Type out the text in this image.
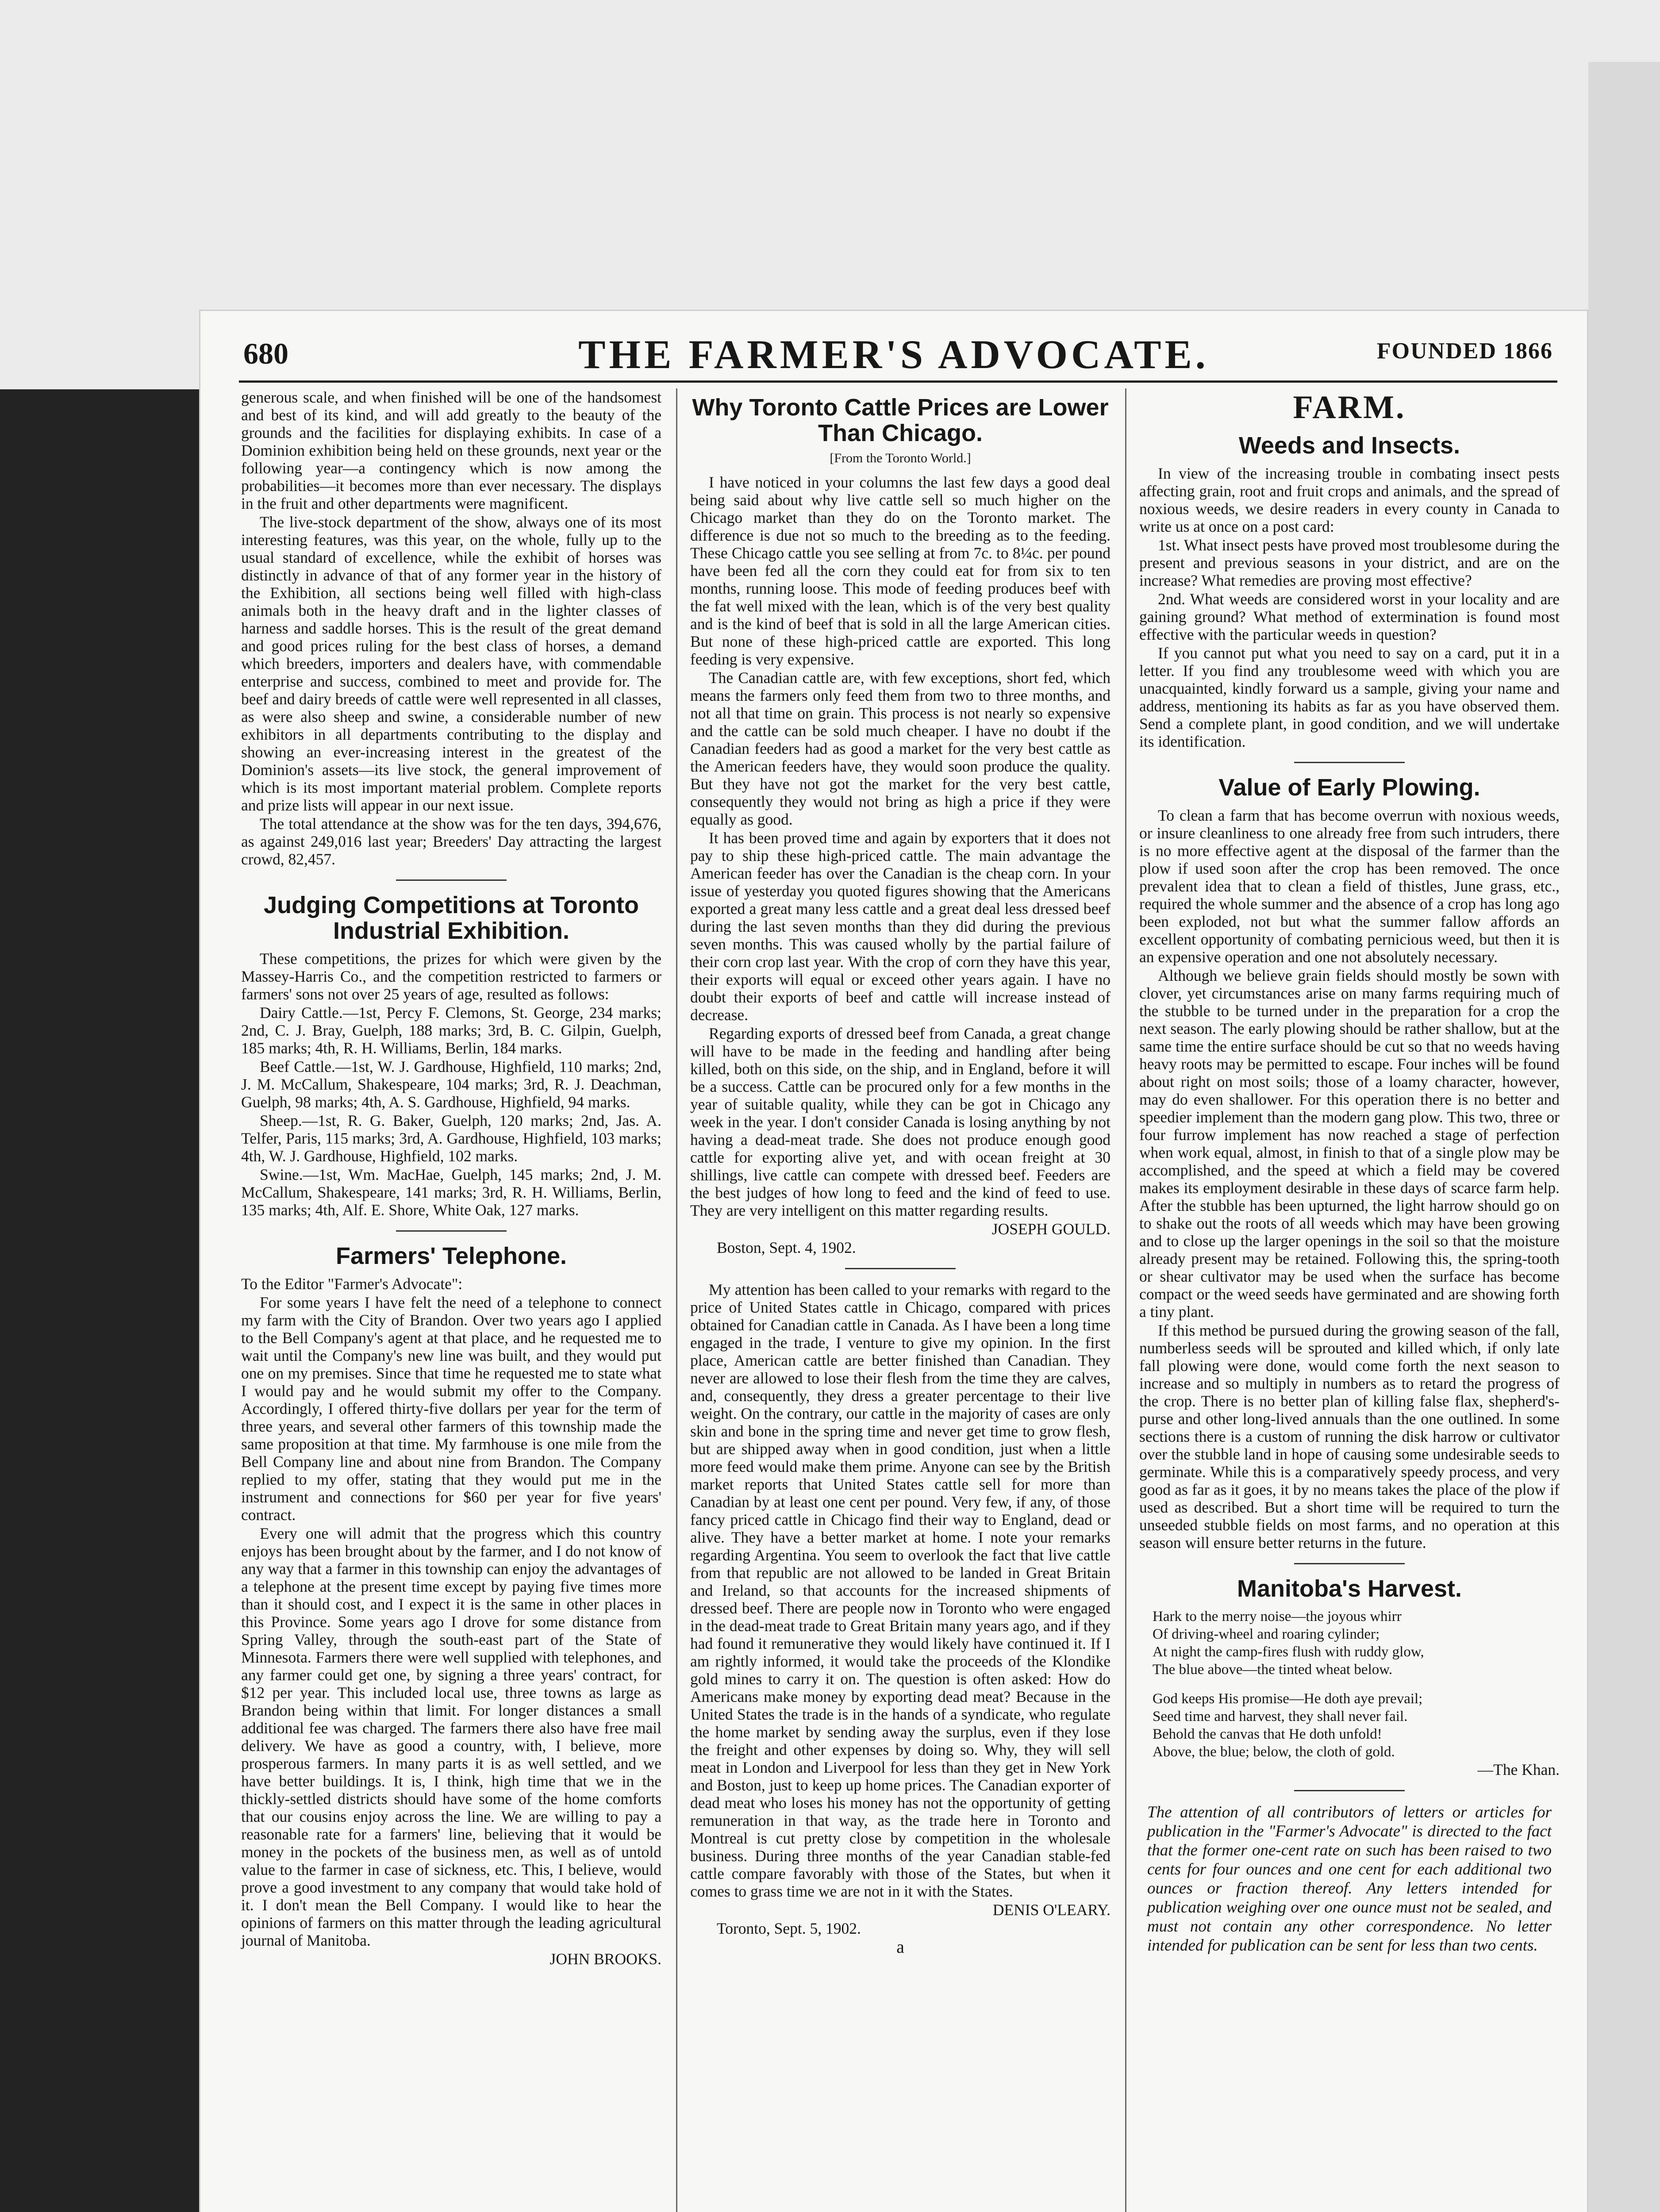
680	THE FARMER'S ADVOCATE.	FOUNDED 1866

generous scale, and when finished will be one of the handsomest and best of its kind, and will add greatly to the beauty of the grounds and the facilities for displaying exhibits. In case of a Dominion exhibition being held on these grounds, next year or the following year—a contingency which is now among the probabilities—it becomes more than ever necessary. The displays in the fruit and other departments were magnificent.

The live-stock department of the show, always one of its most interesting features, was this year, on the whole, fully up to the usual standard of excellence, while the exhibit of horses was distinctly in advance of that of any former year in the history of the Exhibition, all sections being well filled with high-class animals both in the heavy draft and in the lighter classes of harness and saddle horses. This is the result of the great demand and good prices ruling for the best class of horses, a demand which breeders, importers and dealers have, with commendable enterprise and success, combined to meet and provide for. The beef and dairy breeds of cattle were well represented in all classes, as were also sheep and swine, a considerable number of new exhibitors in all departments contributing to the display and showing an ever-increasing interest in the greatest of the Dominion's assets—its live stock, the general improvement of which is its most important material problem. Complete reports and prize lists will appear in our next issue.

The total attendance at the show was for the ten days, 394,676, as against 249,016 last year; Breeders' Day attracting the largest crowd, 82,457.

Judging Competitions at Toronto Industrial Exhibition.

These competitions, the prizes for which were given by the Massey-Harris Co., and the competition restricted to farmers or farmers' sons not over 25 years of age, resulted as follows:

Dairy Cattle.—1st, Percy F. Clemons, St. George, 234 marks; 2nd, C. J. Bray, Guelph, 188 marks; 3rd, B. C. Gilpin, Guelph, 185 marks; 4th, R. H. Williams, Berlin, 184 marks.

Beef Cattle.—1st, W. J. Gardhouse, Highfield, 110 marks; 2nd, J. M. McCallum, Shakespeare, 104 marks; 3rd, R. J. Deachman, Guelph, 98 marks; 4th, A. S. Gardhouse, Highfield, 94 marks.

Sheep.—1st, R. G. Baker, Guelph, 120 marks; 2nd, Jas. A. Telfer, Paris, 115 marks; 3rd, A. Gardhouse, Highfield, 103 marks; 4th, W. J. Gardhouse, Highfield, 102 marks.

Swine.—1st, Wm. MacHae, Guelph, 145 marks; 2nd, J. M. McCallum, Shakespeare, 141 marks; 3rd, R. H. Williams, Berlin, 135 marks; 4th, Alf. E. Shore, White Oak, 127 marks.

Farmers' Telephone.

To the Editor "Farmer's Advocate":

For some years I have felt the need of a telephone to connect my farm with the City of Brandon. Over two years ago I applied to the Bell Company's agent at that place, and he requested me to wait until the Company's new line was built, and they would put one on my premises. Since that time he requested me to state what I would pay and he would submit my offer to the Company. Accordingly, I offered thirty-five dollars per year for the term of three years, and several other farmers of this township made the same proposition at that time. My farmhouse is one mile from the Bell Company line and about nine from Brandon. The Company replied to my offer, stating that they would put me in the instrument and connections for $60 per year for five years' contract.

Every one will admit that the progress which this country enjoys has been brought about by the farmer, and I do not know of any way that a farmer in this township can enjoy the advantages of a telephone at the present time except by paying five times more than it should cost, and I expect it is the same in other places in this Province. Some years ago I drove for some distance from Spring Valley, through the south-east part of the State of Minnesota. Farmers there were well supplied with telephones, and any farmer could get one, by signing a three years' contract, for $12 per year. This included local use, three towns as large as Brandon being within that limit. For longer distances a small additional fee was charged. The farmers there also have free mail delivery. We have as good a country, with, I believe, more prosperous farmers. In many parts it is as well settled, and we have better buildings. It is, I think, high time that we in the thickly-settled districts should have some of the home comforts that our cousins enjoy across the line. We are willing to pay a reasonable rate for a farmers' line, believing that it would be money in the pockets of the business men, as well as of untold value to the farmer in case of sickness, etc. This, I believe, would prove a good investment to any company that would take hold of it. I don't mean the Bell Company. I would like to hear the opinions of farmers on this matter through the leading agricultural journal of Manitoba.

JOHN BROOKS.

Why Toronto Cattle Prices are Lower Than Chicago.

[From the Toronto World.]

I have noticed in your columns the last few days a good deal being said about why live cattle sell so much higher on the Chicago market than they do on the Toronto market. The difference is due not so much to the breeding as to the feeding. These Chicago cattle you see selling at from 7c. to 8¼c. per pound have been fed all the corn they could eat for from six to ten months, running loose. This mode of feeding produces beef with the fat well mixed with the lean, which is of the very best quality and is the kind of beef that is sold in all the large American cities. But none of these high-priced cattle are exported. This long feeding is very expensive.

The Canadian cattle are, with few exceptions, short fed, which means the farmers only feed them from two to three months, and not all that time on grain. This process is not nearly so expensive and the cattle can be sold much cheaper. I have no doubt if the Canadian feeders had as good a market for the very best cattle as the American feeders have, they would soon produce the quality. But they have not got the market for the very best cattle, consequently they would not bring as high a price if they were equally as good.

It has been proved time and again by exporters that it does not pay to ship these high-priced cattle. The main advantage the American feeder has over the Canadian is the cheap corn. In your issue of yesterday you quoted figures showing that the Americans exported a great many less cattle and a great deal less dressed beef during the last seven months than they did during the previous seven months. This was caused wholly by the partial failure of their corn crop last year. With the crop of corn they have this year, their exports will equal or exceed other years again. I have no doubt their exports of beef and cattle will increase instead of decrease.

Regarding exports of dressed beef from Canada, a great change will have to be made in the feeding and handling after being killed, both on this side, on the ship, and in England, before it will be a success. Cattle can be procured only for a few months in the year of suitable quality, while they can be got in Chicago any week in the year. I don't consider Canada is losing anything by not having a dead-meat trade. She does not produce enough good cattle for exporting alive yet, and with ocean freight at 30 shillings, live cattle can compete with dressed beef. Feeders are the best judges of how long to feed and the kind of feed to use. They are very intelligent on this matter regarding results.

JOSEPH GOULD.

Boston, Sept. 4, 1902.

My attention has been called to your remarks with regard to the price of United States cattle in Chicago, compared with prices obtained for Canadian cattle in Canada. As I have been a long time engaged in the trade, I venture to give my opinion. In the first place, American cattle are better finished than Canadian. They never are allowed to lose their flesh from the time they are calves, and, consequently, they dress a greater percentage to their live weight. On the contrary, our cattle in the majority of cases are only skin and bone in the spring time and never get time to grow flesh, but are shipped away when in good condition, just when a little more feed would make them prime. Anyone can see by the British market reports that United States cattle sell for more than Canadian by at least one cent per pound. Very few, if any, of those fancy priced cattle in Chicago find their way to England, dead or alive. They have a better market at home. I note your remarks regarding Argentina. You seem to overlook the fact that live cattle from that republic are not allowed to be landed in Great Britain and Ireland, so that accounts for the increased shipments of dressed beef. There are people now in Toronto who were engaged in the dead-meat trade to Great Britain many years ago, and if they had found it remunerative they would likely have continued it. If I am rightly informed, it would take the proceeds of the Klondike gold mines to carry it on. The question is often asked: How do Americans make money by exporting dead meat? Because in the United States the trade is in the hands of a syndicate, who regulate the home market by sending away the surplus, even if they lose the freight and other expenses by doing so. Why, they will sell meat in London and Liverpool for less than they get in New York and Boston, just to keep up home prices. The Canadian exporter of dead meat who loses his money has not the opportunity of getting remuneration in that way, as the trade here in Toronto and Montreal is cut pretty close by competition in the wholesale business. During three months of the year Canadian stable-fed cattle compare favorably with those of the States, but when it comes to grass time we are not in it with the States.

DENIS O'LEARY.

Toronto, Sept. 5, 1902.

a

FARM.
Weeds and Insects.

In view of the increasing trouble in combating insect pests affecting grain, root and fruit crops and animals, and the spread of noxious weeds, we desire readers in every county in Canada to write us at once on a post card:

1st. What insect pests have proved most troublesome during the present and previous seasons in your district, and are on the increase? What remedies are proving most effective?

2nd. What weeds are considered worst in your locality and are gaining ground? What method of extermination is found most effective with the particular weeds in question?

If you cannot put what you need to say on a card, put it in a letter. If you find any troublesome weed with which you are unacquainted, kindly forward us a sample, giving your name and address, mentioning its habits as far as you have observed them. Send a complete plant, in good condition, and we will undertake its identification.

Value of Early Plowing.

To clean a farm that has become overrun with noxious weeds, or insure cleanliness to one already free from such intruders, there is no more effective agent at the disposal of the farmer than the plow if used soon after the crop has been removed. The once prevalent idea that to clean a field of thistles, June grass, etc., required the whole summer and the absence of a crop has long ago been exploded, not but what the summer fallow affords an excellent opportunity of combating pernicious weed, but then it is an expensive operation and one not absolutely necessary.

Although we believe grain fields should mostly be sown with clover, yet circumstances arise on many farms requiring much of the stubble to be turned under in the preparation for a crop the next season. The early plowing should be rather shallow, but at the same time the entire surface should be cut so that no weeds having heavy roots may be permitted to escape. Four inches will be found about right on most soils; those of a loamy character, however, may do even shallower. For this operation there is no better and speedier implement than the modern gang plow. This two, three or four furrow implement has now reached a stage of perfection when work equal, almost, in finish to that of a single plow may be accomplished, and the speed at which a field may be covered makes its employment desirable in these days of scarce farm help. After the stubble has been upturned, the light harrow should go on to shake out the roots of all weeds which may have been growing and to close up the larger openings in the soil so that the moisture already present may be retained. Following this, the spring-tooth or shear cultivator may be used when the surface has become compact or the weed seeds have germinated and are showing forth a tiny plant.

If this method be pursued during the growing season of the fall, numberless seeds will be sprouted and killed which, if only late fall plowing were done, would come forth the next season to increase and so multiply in numbers as to retard the progress of the crop. There is no better plan of killing false flax, shepherd's-purse and other long-lived annuals than the one outlined. In some sections there is a custom of running the disk harrow or cultivator over the stubble land in hope of causing some undesirable seeds to germinate. While this is a comparatively speedy process, and very good as far as it goes, it by no means takes the place of the plow if used as described. But a short time will be required to turn the unseeded stubble fields on most farms, and no operation at this season will ensure better returns in the future.

Manitoba's Harvest.

Hark to the merry noise—the joyous whirr

Of driving-wheel and roaring cylinder;

At night the camp-fires flush with ruddy glow,

The blue above—the tinted wheat below.

God keeps His promise—He doth aye prevail;

Seed time and harvest, they shall never fail.

Behold the canvas that He doth unfold!

Above, the blue; below, the cloth of gold.

—The Khan.

The attention of all contributors of letters or articles for publication in the "Farmer's Advocate" is directed to the fact that the former one-cent rate on such has been raised to two cents for four ounces and one cent for each additional two ounces or fraction thereof. Any letters intended for publication weighing over one ounce must not be sealed, and must not contain any other correspondence. No letter intended for publication can be sent for less than two cents.
